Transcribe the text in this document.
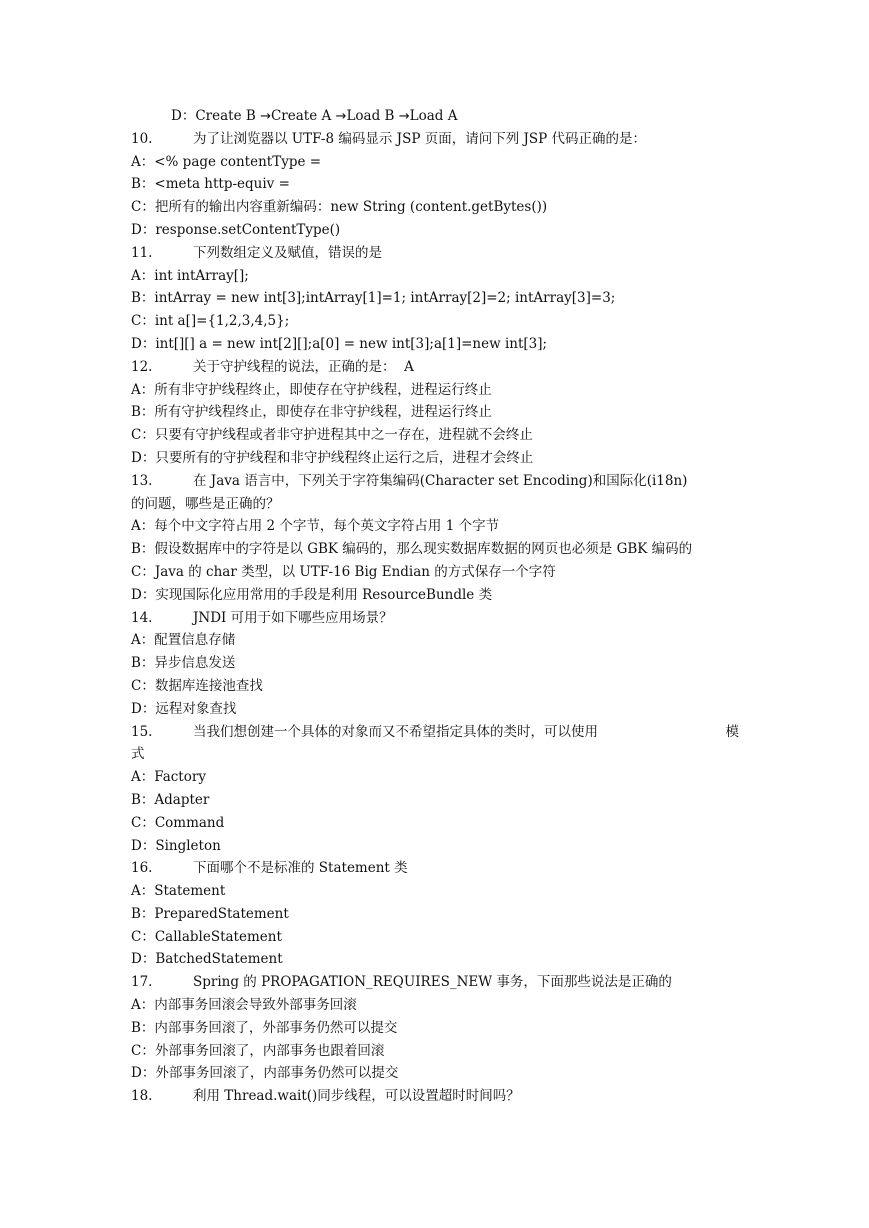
D：Create B →Create A →Load B →Load A
10.	为了让浏览器以 UTF-8 编码显示 JSP 页面，请问下列 JSP 代码正确的是：
A：<% page contentType =
B：<meta http-equiv =
C：把所有的输出内容重新编码：new String (content.getBytes())
D：response.setContentType()
11.	下列数组定义及赋值，错误的是
A：int intArray[];
B：intArray = new int[3];intArray[1]=1; intArray[2]=2; intArray[3]=3;
C：int a[]={1,2,3,4,5};
D：int[][] a = new int[2][];a[0] = new int[3];a[1]=new int[3];
12.	关于守护线程的说法，正确的是：  A
A：所有非守护线程终止，即使存在守护线程，进程运行终止
B：所有守护线程终止，即使存在非守护线程，进程运行终止
C：只要有守护线程或者非守护进程其中之一存在，进程就不会终止
D：只要所有的守护线程和非守护线程终止运行之后，进程才会终止
13.	在 Java 语言中，下列关于字符集编码(Character set Encoding)和国际化(i18n)
的问题，哪些是正确的？
A：每个中文字符占用 2 个字节，每个英文字符占用 1 个字节
B：假设数据库中的字符是以 GBK 编码的，那么现实数据库数据的网页也必须是 GBK 编码的
C：Java 的 char 类型，以 UTF-16 Big Endian 的方式保存一个字符
D：实现国际化应用常用的手段是利用 ResourceBundle 类
14.	JNDI 可用于如下哪些应用场景？
A：配置信息存储
B：异步信息发送
C：数据库连接池查找
D：远程对象查找
15.	当我们想创建一个具体的对象而又不希望指定具体的类时，可以使用	模
式
A：Factory
B：Adapter
C：Command
D：Singleton
16.	下面哪个不是标准的 Statement 类
A：Statement
B：PreparedStatement
C：CallableStatement
D：BatchedStatement
17.	Spring 的 PROPAGATION_REQUIRES_NEW 事务，下面那些说法是正确的
A：内部事务回滚会导致外部事务回滚
B：内部事务回滚了，外部事务仍然可以提交
C：外部事务回滚了，内部事务也跟着回滚
D：外部事务回滚了，内部事务仍然可以提交
18.	利用 Thread.wait()同步线程，可以设置超时时间吗？
